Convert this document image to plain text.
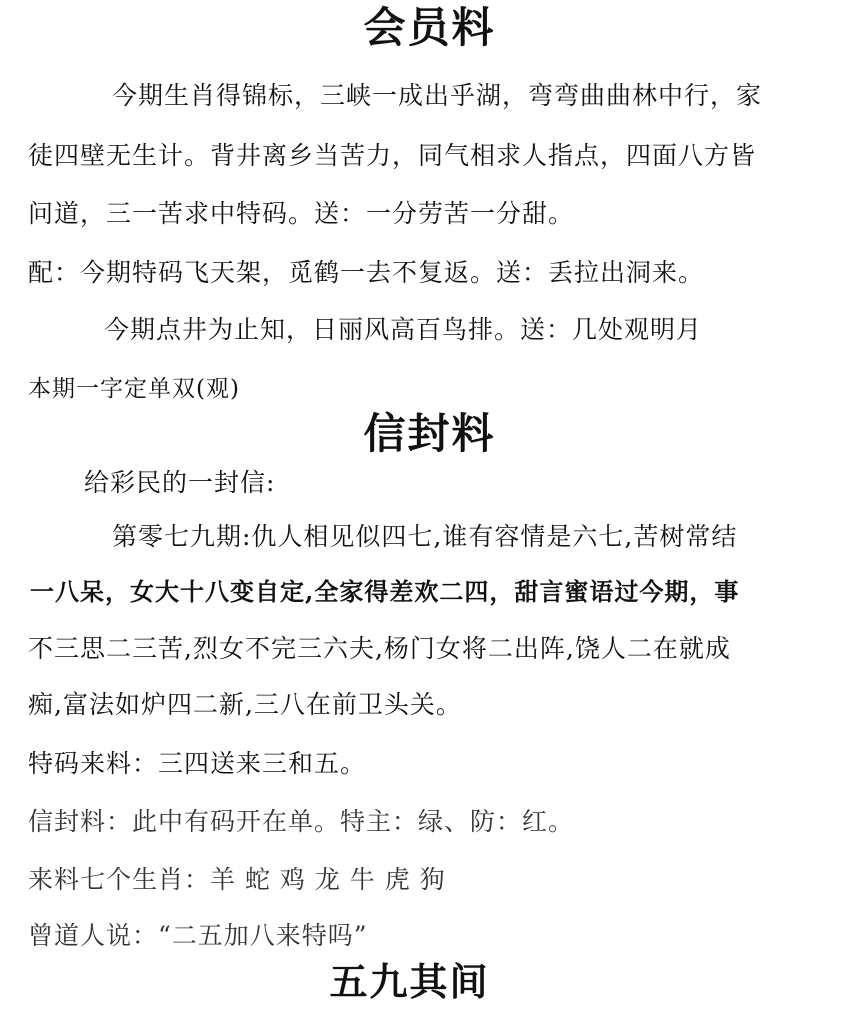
会员料

今期生肖得锦标，三峡一成出乎湖，弯弯曲曲林中行，家

徒四壁无生计。背井离乡当苦力，同气相求人指点，四面八方皆

问道，三一苦求中特码。送：一分劳苦一分甜。

配：今期特码飞天架，觅鹤一去不复返。送：丢拉出洞来。

今期点井为止知，日丽风高百鸟排。送：几处观明月

本期一字定单双(观)

信封料

给彩民的一封信:

第零七九期:仇人相见似四七,谁有容情是六七,苦树常结

一八呆，女大十八变自定,全家得差欢二四，甜言蜜语过今期，事

不三思二三苦,烈女不完三六夫,杨门女将二出阵,饶人二在就成

痴,富法如炉四二新,三八在前卫头关。

特码来料：三四送来三和五。

信封料：此中有码开在单。特主：绿、防：红。

来料七个生肖：羊 蛇 鸡 龙 牛 虎 狗

曾道人说：“二五加八来特吗”

五九其间
